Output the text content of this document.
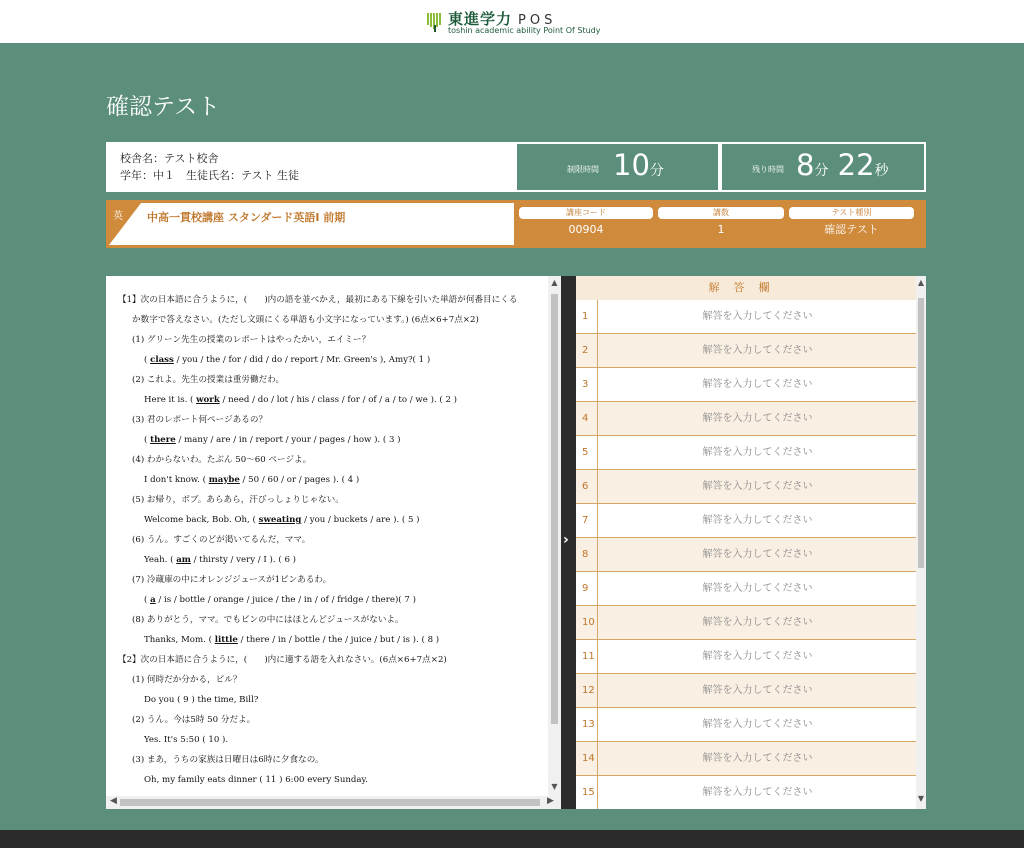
東進学力 POS
toshin academic ability Point Of Study
確認テスト
校舎名：テスト校舎
学年：中１　生徒氏名：テスト 生徒	制限時間 10分	残り時間 8分 22秒
英 中高一貫校講座 スタンダード英語Ⅰ 前期	講座コード
00904
講数
1
テスト種別
確認テスト
【1】次の日本語に合うように，(　　)内の語を並べかえ，最初にある下線を引いた単語が何番目にくる
か数字で答えなさい。(ただし文頭にくる単語も小文字になっています。) (6点×6+7点×2)
(1) グリーン先生の授業のレポートはやったかい，エイミー？
( class / you / the / for / did / do / report / Mr. Green's ), Amy?( 1 )
(2) これよ。先生の授業は重労働だわ。
Here it is. ( work / need / do / lot / his / class / for / of / a / to / we ). ( 2 )
(3) 君のレポート何ページあるの？
( there / many / are / in / report / your / pages / how ). ( 3 )
(4) わからないわ。たぶん 50〜60 ページよ。
I don't know. ( maybe / 50 / 60 / or / pages ). ( 4 )
(5) お帰り，ボブ。あらあら，汗びっしょりじゃない。
Welcome back, Bob. Oh, ( sweating / you / buckets / are ). ( 5 )
(6) うん。すごくのどが渇いてるんだ，ママ。
Yeah. ( am / thirsty / very / I ). ( 6 )
(7) 冷蔵庫の中にオレンジジュースが1ビンあるわ。
( a / is / bottle / orange / juice / the / in / of / fridge / there)( 7 )
(8) ありがとう，ママ。でもビンの中にはほとんどジュースがないよ。
Thanks, Mom. ( little / there / in / bottle / the / juice / but / is ). ( 8 )
【2】次の日本語に合うように，(　　)内に適する語を入れなさい。(6点×6+7点×2)
(1) 何時だか分かる，ビル？
Do you ( 9 ) the time, Bill?
(2) うん。今は5時 50 分だよ。
Yes. It's 5:50 ( 10 ).
(3) まあ，うちの家族は日曜日は6時に夕食なの。
Oh, my family eats dinner ( 11 ) 6:00 every Sunday.
▲
▼
◀	▶
›
解答欄
1
解答を入力してください
2
解答を入力してください
3
解答を入力してください
4
解答を入力してください
5
解答を入力してください
6
解答を入力してください
7
解答を入力してください
8
解答を入力してください
9
解答を入力してください
10
解答を入力してください
11
解答を入力してください
12
解答を入力してください
13
解答を入力してください
14
解答を入力してください
15
解答を入力してください
▲
▼
